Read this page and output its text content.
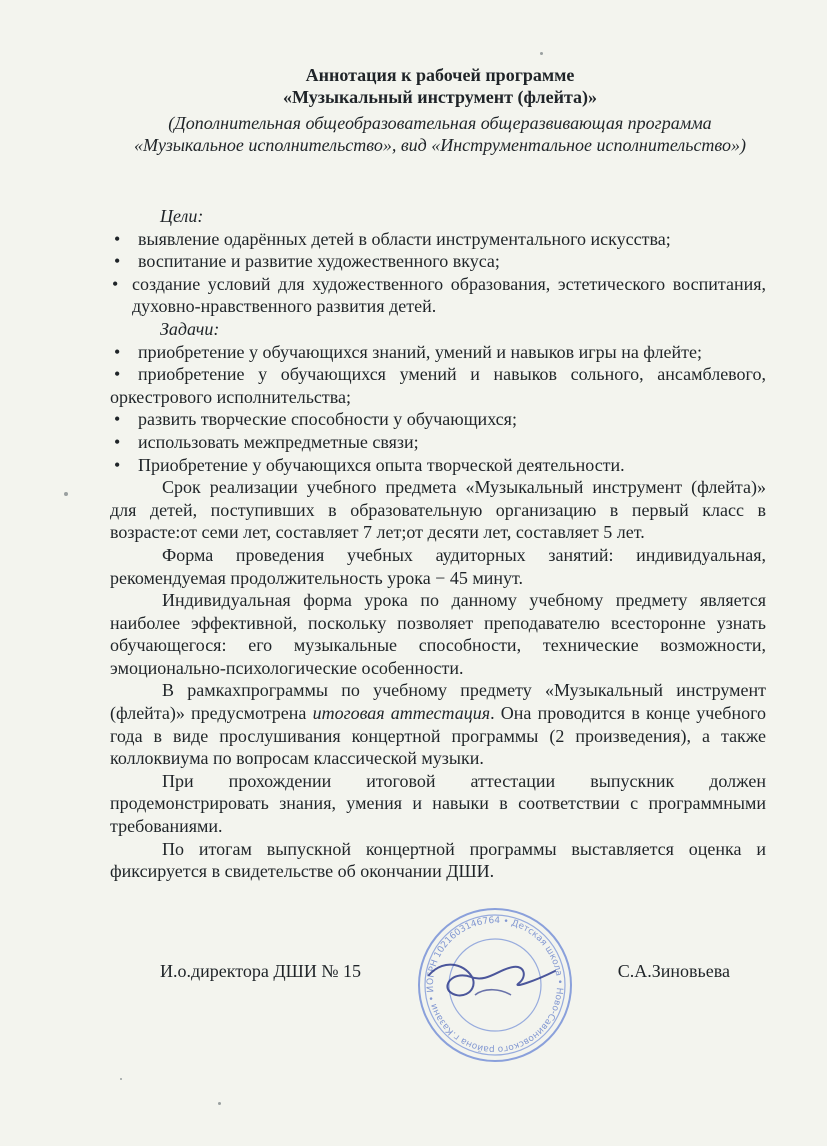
Аннотация к рабочей программе
«Музыкальный инструмент (флейта)»
(Дополнительная общеобразовательная общеразвивающая программа «Музыкальное исполнительство», вид «Инструментальное исполнительство»)
Цели:
• выявление одарённых детей в области инструментального искусства;
• воспитание и развитие художественного вкуса;
• создание условий для художественного образования, эстетического воспитания, духовно-нравственного развития детей.
Задачи:
• приобретение у обучающихся знаний, умений и навыков игры на флейте;
• приобретение у обучающихся умений и навыков сольного, ансамблевого, оркестрового исполнительства;
• развить творческие способности у обучающихся;
• использовать межпредметные связи;
• Приобретение у обучающихся опыта творческой деятельности.
Срок реализации учебного предмета «Музыкальный инструмент (флейта)» для детей, поступивших в образовательную организацию в первый класс в возрасте:от семи лет, составляет 7 лет;от десяти лет, составляет 5 лет.
Форма проведения учебных аудиторных занятий: индивидуальная, рекомендуемая продолжительность урока − 45 минут.
Индивидуальная форма урока по данному учебному предмету является наиболее эффективной, поскольку позволяет преподавателю всесторонне узнать обучающегося: его музыкальные способности, технические возможности, эмоционально-психологические особенности.
В рамкахпрограммы по учебному предмету «Музыкальный инструмент (флейта)» предусмотрена итоговая аттестация. Она проводится в конце учебного года в виде прослушивания концертной программы (2 произведения), а также коллоквиума по вопросам классической музыки.
При прохождении итоговой аттестации выпускник должен продемонстрировать знания, умения и навыки в соответствии с программными требованиями.
По итогам выпускной концертной программы выставляется оценка и фиксируется в свидетельстве об окончании ДШИ.
ОГРН 1021603146764 • Детская школа • Ново-Савиновского района г.Казани • И
И.о.директора ДШИ № 15	С.А.Зиновьева
